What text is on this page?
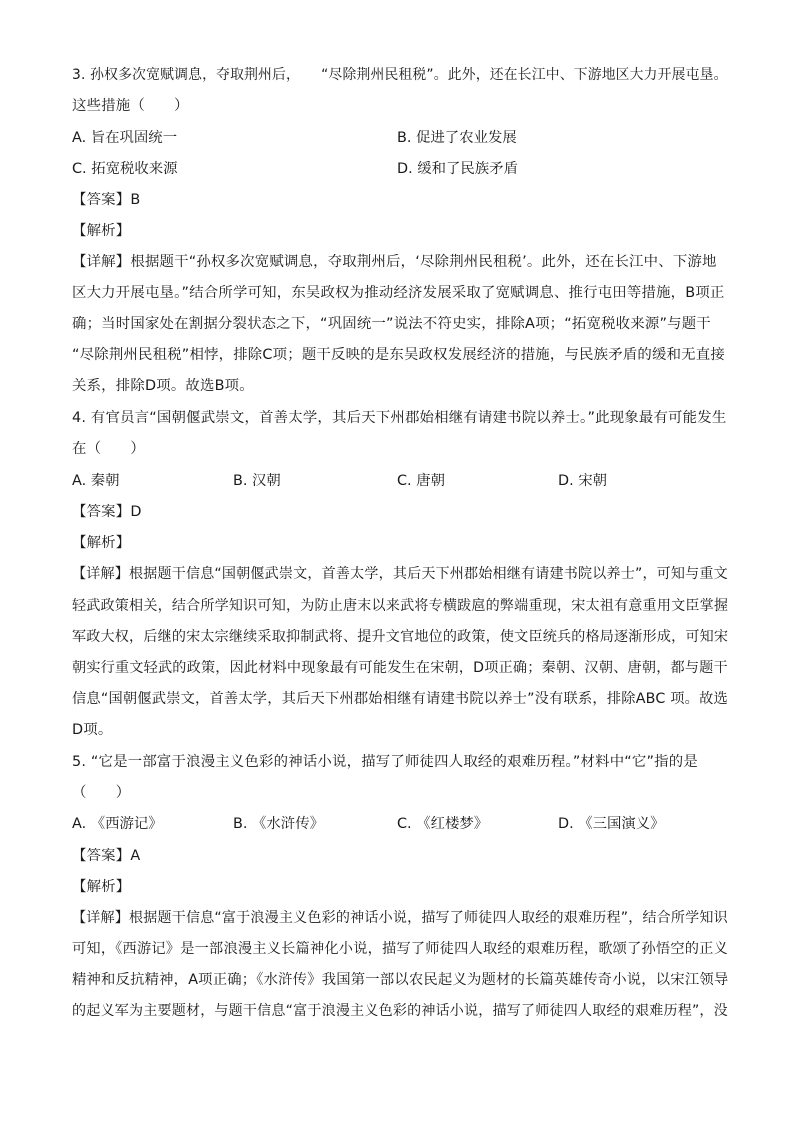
3. 孙权多次宽赋调息，夺取荆州后，　　“尽除荆州民租税”。此外，还在长江中、下游地区大力开展屯垦。
这些措施（　　）
A. 旨在巩固统一	B. 促进了农业发展
C. 拓宽税收来源	D. 缓和了民族矛盾
【答案】B
【解析】
【详解】根据题干“孙权多次宽赋调息，夺取荆州后，‘尽除荆州民租税’。此外，还在长江中、下游地
区大力开展屯垦。”结合所学可知，东吴政权为推动经济发展采取了宽赋调息、推行屯田等措施，B项正
确；当时国家处在割据分裂状态之下，“巩固统一”说法不符史实，排除A项；“拓宽税收来源”与题干
“尽除荆州民租税”相悖，排除C项；题干反映的是东吴政权发展经济的措施，与民族矛盾的缓和无直接
关系，排除D项。故选B项。
4. 有官员言“国朝偃武崇文，首善太学，其后天下州郡始相继有请建书院以养士。”此现象最有可能发生
在（　　）
A. 秦朝	B. 汉朝	C. 唐朝	D. 宋朝
【答案】D
【解析】
【详解】根据题干信息“国朝偃武崇文，首善太学，其后天下州郡始相继有请建书院以养士”，可知与重文
轻武政策相关，结合所学知识可知，为防止唐末以来武将专横跋扈的弊端重现，宋太祖有意重用文臣掌握
军政大权，后继的宋太宗继续采取抑制武将、提升文官地位的政策，使文臣统兵的格局逐渐形成，可知宋
朝实行重文轻武的政策，因此材料中现象最有可能发生在宋朝，D项正确；秦朝、汉朝、唐朝，都与题干
信息“国朝偃武崇文，首善太学，其后天下州郡始相继有请建书院以养士”没有联系，排除ABC 项。故选
D项。
5. “它是一部富于浪漫主义色彩的神话小说，描写了师徒四人取经的艰难历程。”材料中“它”指的是
（　　）
A. 《西游记》	B. 《水浒传》	C. 《红楼梦》	D. 《三国演义》
【答案】A
【解析】
【详解】根据题干信息“富于浪漫主义色彩的神话小说，描写了师徒四人取经的艰难历程”，结合所学知识
可知，《西游记》是一部浪漫主义长篇神化小说，描写了师徒四人取经的艰难历程，歌颂了孙悟空的正义
精神和反抗精神，A项正确；《水浒传》我国第一部以农民起义为题材的长篇英雄传奇小说，以宋江领导
的起义军为主要题材，与题干信息“富于浪漫主义色彩的神话小说，描写了师徒四人取经的艰难历程”，没
